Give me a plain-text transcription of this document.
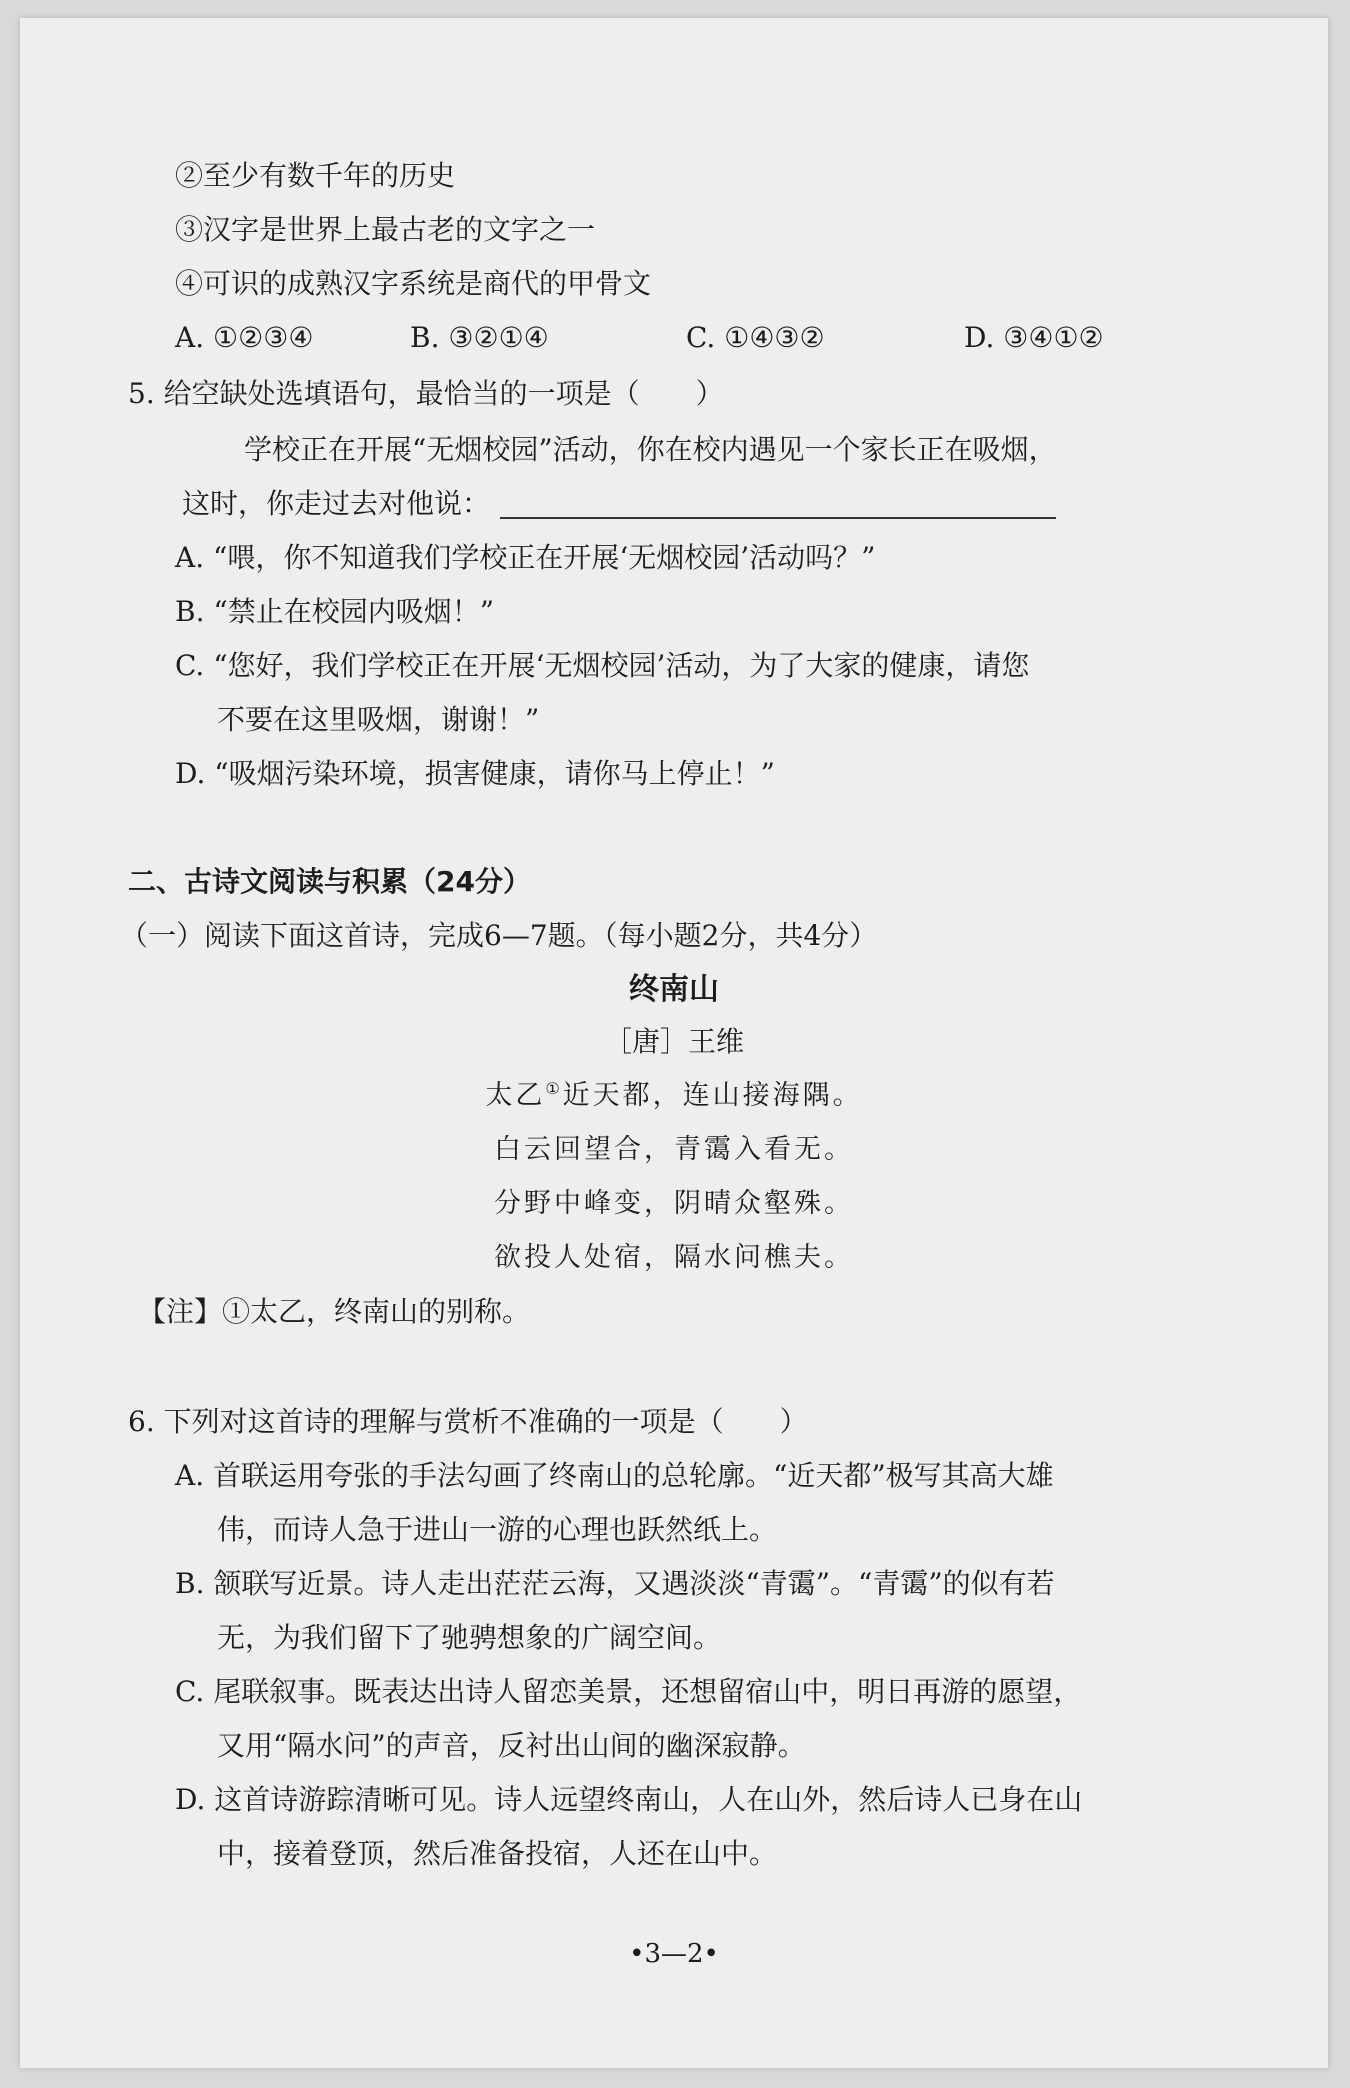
②至少有数千年的历史
③汉字是世界上最古老的文字之一
④可识的成熟汉字系统是商代的甲骨文
A. ①②③④	B. ③②①④	C. ①④③②	D. ③④①②
5. 给空缺处选填语句，最恰当的一项是（　　）
学校正在开展“无烟校园”活动，你在校内遇见一个家长正在吸烟，
这时，你走过去对他说：
A. “喂，你不知道我们学校正在开展‘无烟校园’活动吗？”
B. “禁止在校园内吸烟！”
C. “您好，我们学校正在开展‘无烟校园’活动，为了大家的健康，请您
不要在这里吸烟，谢谢！”
D. “吸烟污染环境，损害健康，请你马上停止！”
二、古诗文阅读与积累（24分）
（一）阅读下面这首诗，完成6—7题。（每小题2分，共4分）
终南山
［唐］王维
太乙①近天都，连山接海隅。
白云回望合，青霭入看无。
分野中峰变，阴晴众壑殊。
欲投人处宿，隔水问樵夫。
【注】①太乙，终南山的别称。
6. 下列对这首诗的理解与赏析不准确的一项是（　　）
A. 首联运用夸张的手法勾画了终南山的总轮廓。“近天都”极写其高大雄
伟，而诗人急于进山一游的心理也跃然纸上。
B. 颔联写近景。诗人走出茫茫云海，又遇淡淡“青霭”。“青霭”的似有若
无，为我们留下了驰骋想象的广阔空间。
C. 尾联叙事。既表达出诗人留恋美景，还想留宿山中，明日再游的愿望，
又用“隔水问”的声音，反衬出山间的幽深寂静。
D. 这首诗游踪清晰可见。诗人远望终南山，人在山外，然后诗人已身在山
中，接着登顶，然后准备投宿，人还在山中。
•3—2•
